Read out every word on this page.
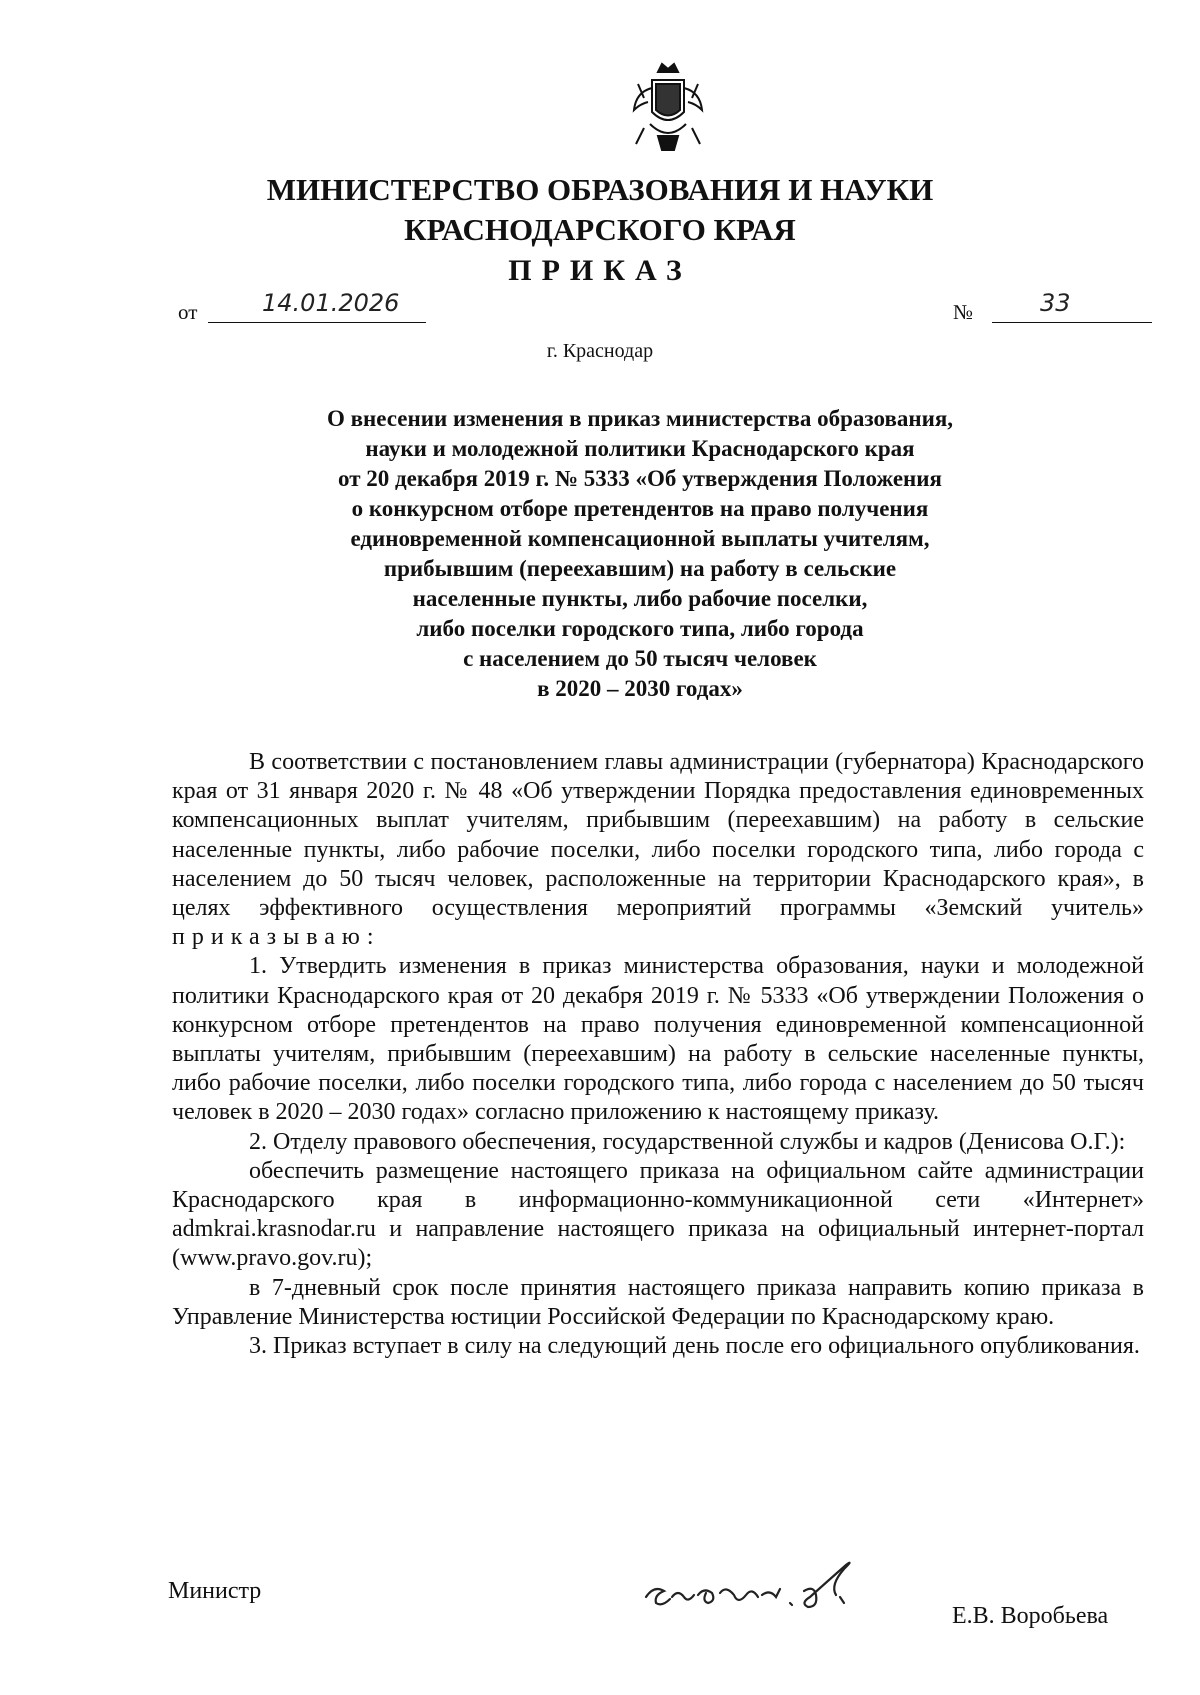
МИНИСТЕРСТВО ОБРАЗОВАНИЯ И НАУКИ
КРАСНОДАРСКОГО КРАЯ
ПРИКАЗ
от	14.01.2026	№	33
г. Краснодар
О внесении изменения в приказ министерства образования,
науки и молодежной политики Краснодарского края
от 20 декабря 2019 г. № 5333 «Об утверждения Положения
о конкурсном отборе претендентов на право получения
единовременной компенсационной выплаты учителям,
прибывшим (переехавшим) на работу в сельские
населенные пункты, либо рабочие поселки,
либо поселки городского типа, либо города
с населением до 50 тысяч человек
в 2020 – 2030 годах»

В соответствии с постановлением главы администрации (губернатора) Краснодарского края от 31 января 2020 г. № 48 «Об утверждении Порядка предоставления единовременных компенсационных выплат учителям, прибывшим (переехавшим) на работу в сельские населенные пункты, либо рабочие поселки, либо поселки городского типа, либо города с населением до 50 тысяч человек, расположенные на территории Краснодарского края», в целях эффективного осуществления мероприятий программы «Земский учитель» приказываю:

1. Утвердить изменения в приказ министерства образования, науки и молодежной политики Краснодарского края от 20 декабря 2019 г. № 5333 «Об утверждении Положения о конкурсном отборе претендентов на право получения единовременной компенсационной выплаты учителям, прибывшим (переехавшим) на работу в сельские населенные пункты, либо рабочие поселки, либо поселки городского типа, либо города с населением до 50 тысяч человек в 2020 – 2030 годах» согласно приложению к настоящему приказу.

2. Отделу правового обеспечения, государственной службы и кадров (Денисова О.Г.):

обеспечить размещение настоящего приказа на официальном сайте администрации Краснодарского края в информационно-коммуникационной сети «Интернет» admkrai.krasnodar.ru и направление настоящего приказа на официальный интернет-портал (www.pravo.gov.ru);

в 7-дневный срок после принятия настоящего приказа направить копию приказа в Управление Министерства юстиции Российской Федерации по Краснодарскому краю.

3. Приказ вступает в силу на следующий день после его официального опубликования.

Министр
Е.В. Воробьева
